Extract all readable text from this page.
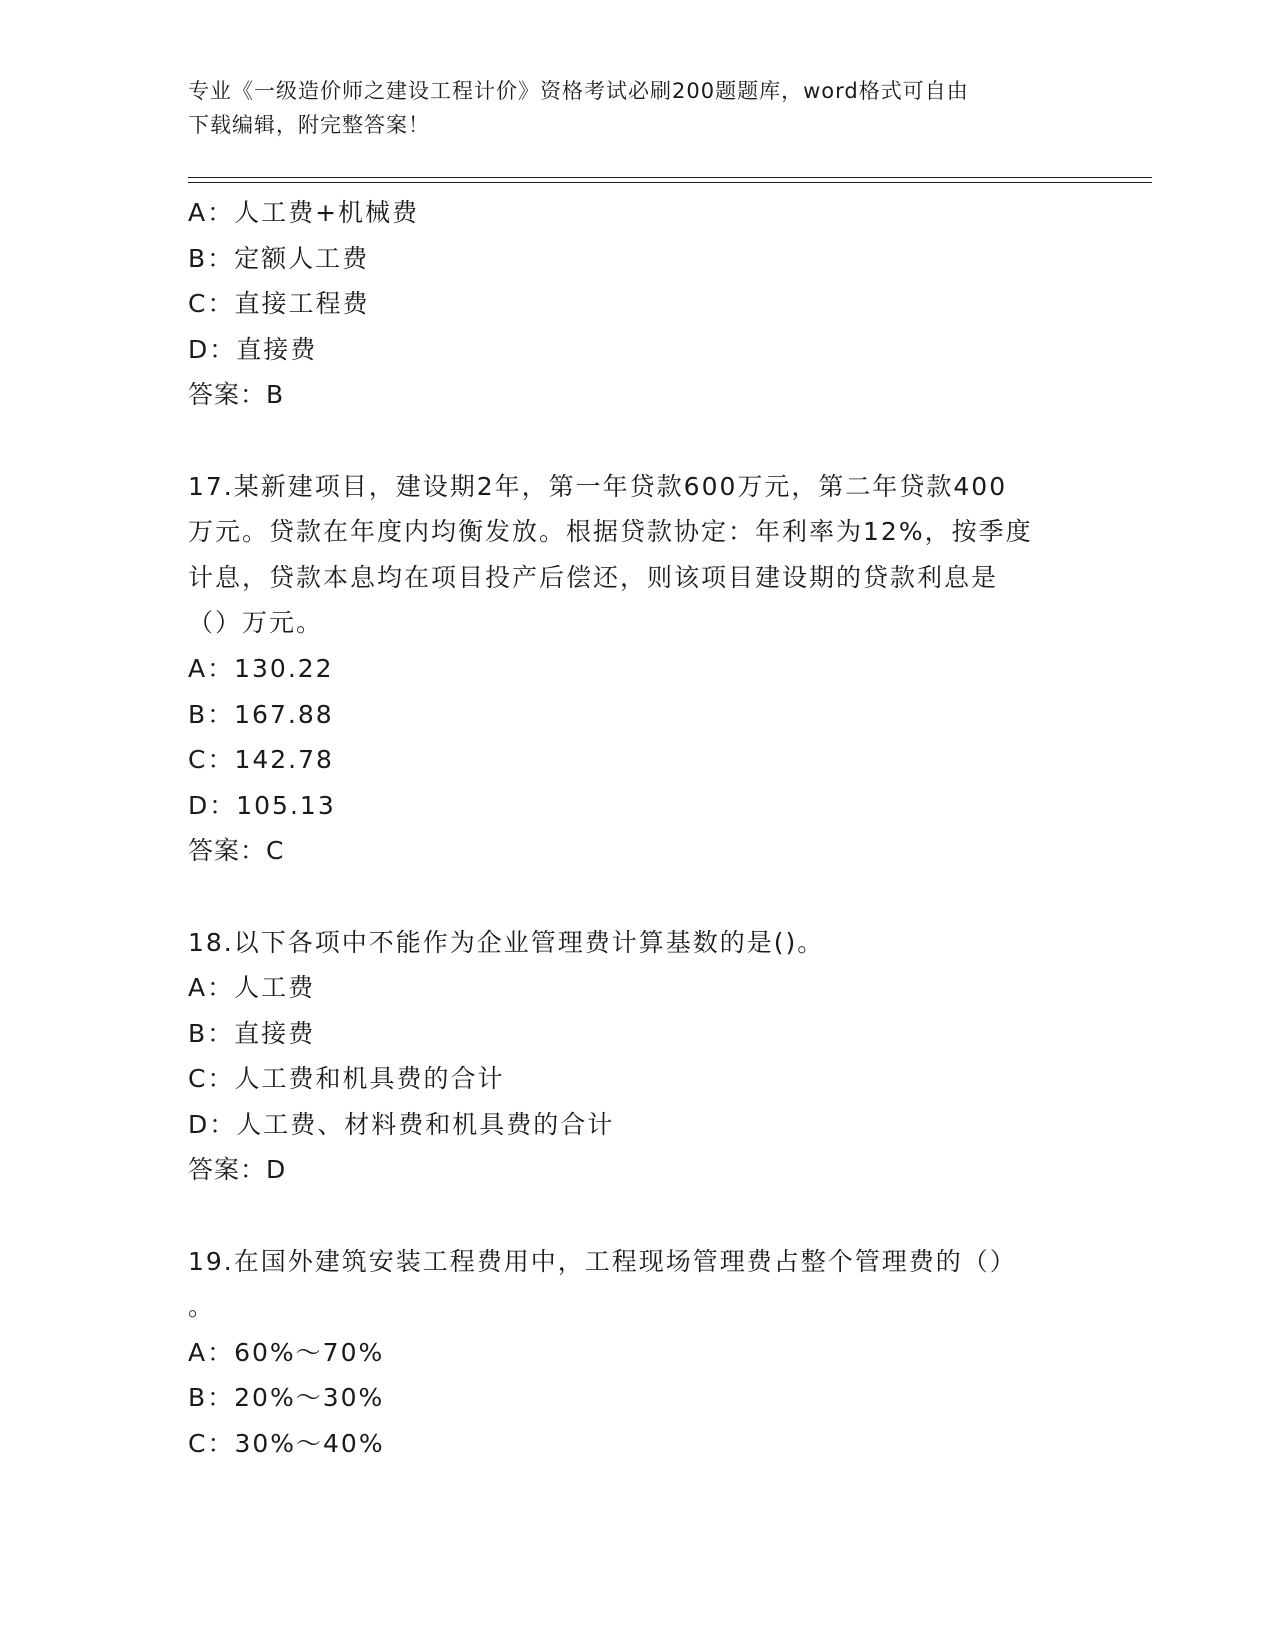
专业《一级造价师之建设工程计价》资格考试必刷200题题库，word格式可自由
下载编辑，附完整答案！
A：人工费+机械费
B：定额人工费
C：直接工程费
D：直接费
答案：B
17.某新建项目，建设期2年，第一年贷款600万元，第二年贷款400
万元。贷款在年度内均衡发放。根据贷款协定：年利率为12%，按季度
计息，贷款本息均在项目投产后偿还，则该项目建设期的贷款利息是
（）万元。
A：130.22
B：167.88
C：142.78
D：105.13
答案：C
18.以下各项中不能作为企业管理费计算基数的是()。
A：人工费
B：直接费
C：人工费和机具费的合计
D：人工费、材料费和机具费的合计
答案：D
19.在国外建筑安装工程费用中，工程现场管理费占整个管理费的（）
。
A：60%～70%
B：20%～30%
C：30%～40%
